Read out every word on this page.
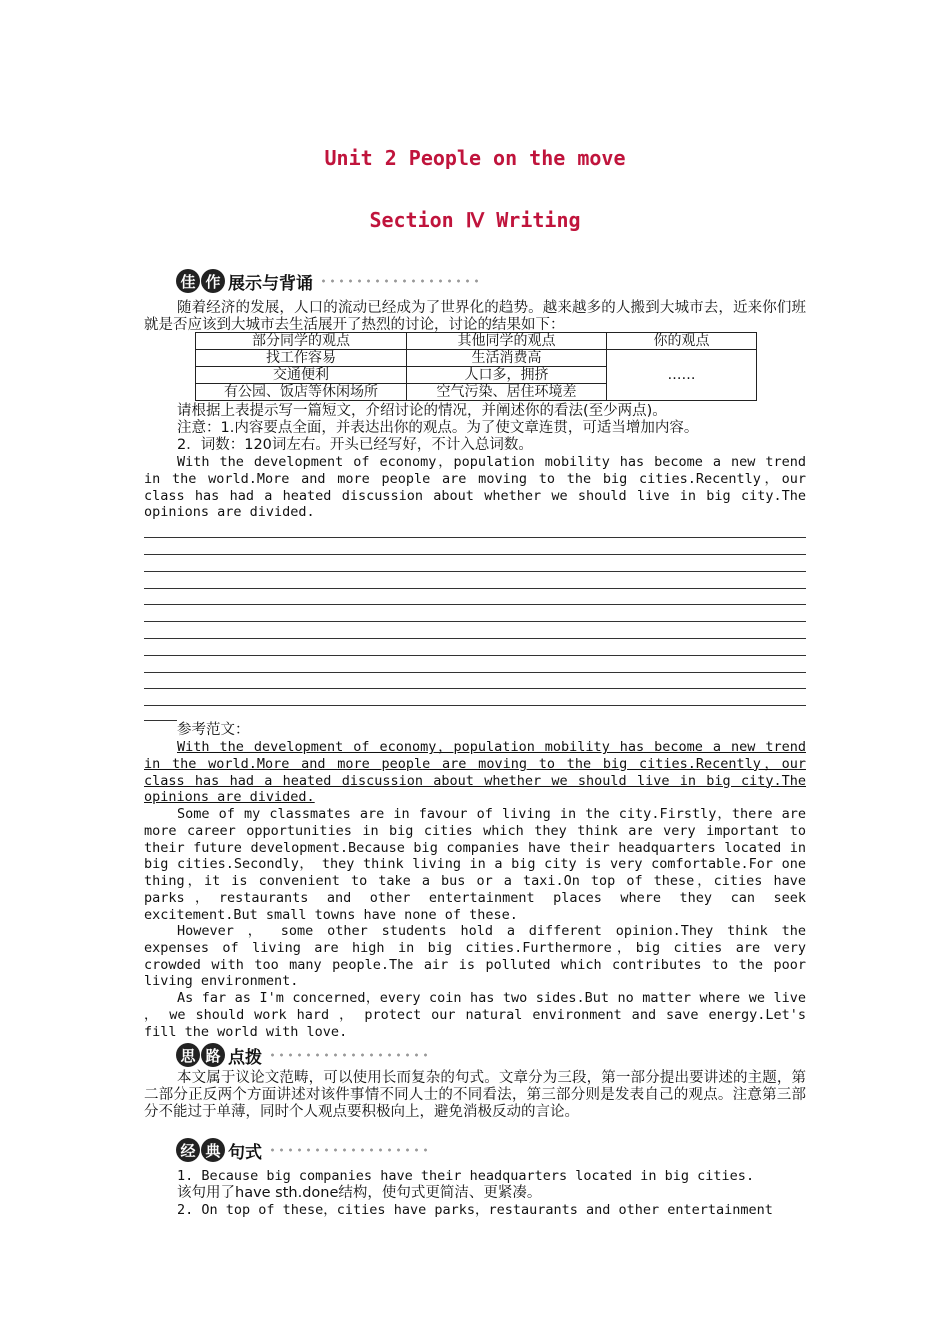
Unit 2 People on the move
Section Ⅳ Writing
佳 作 展示与背诵
随着经济的发展，人口的流动已经成为了世界化的趋势。越来越多的人搬到大城市去，近来你们班就是否应该到大城市去生活展开了热烈的讨论，讨论的结果如下：
部分同学的观点	其他同学的观点	你的观点
找工作容易	生活消费高	……
交通便利	人口多，拥挤	
有公园、饭店等休闲场所	空气污染、居住环境差	
请根据上表提示写一篇短文，介绍讨论的情况，并阐述你的看法(至少两点)。
注意：1.内容要点全面，并表达出你的观点。为了使文章连贯，可适当增加内容。
2．词数：120词左右。开头已经写好，不计入总词数。
With the development of economy，population mobility has become a new trend in the world.More and more people are moving to the big cities.Recently，our class has had a heated discussion about whether we should live in big city.The opinions are divided.
参考范文：
With the development of economy，population mobility has become a new trend in the world.More and more people are moving to the big cities.Recently，our class has had a heated discussion about whether we should live in big city.The opinions are divided.
Some of my classmates are in favour of living in the city.Firstly，there are more career opportunities in big cities which they think are very important to their future development.Because big companies have their headquarters located in big cities.Secondly， they think living in a big city is very comfortable.For one thing，it is convenient to take a bus or a taxi.On top of these，cities have parks，restaurants and other entertainment places where they can seek excitement.But small towns have none of these.
However ， some other students hold a different opinion.They think the expenses of living are high in big cities.Furthermore，big cities are very crowded with too many people.The air is polluted which contributes to the poor living environment.
As far as I'm concerned，every coin has two sides.But no matter where we live ， we should work hard ， protect our natural environment and save energy.Let's fill the world with love.
思 路 点拨
本文属于议论文范畴，可以使用长而复杂的句式。文章分为三段，第一部分提出要讲述的主题，第二部分正反两个方面讲述对该件事情不同人士的不同看法，第三部分则是发表自己的观点。注意第三部分不能过于单薄，同时个人观点要积极向上，避免消极反动的言论。
经 典 句式
1. Because big companies have their headquarters located in big cities.
该句用了have sth.done结构，使句式更简洁、更紧凑。
2. On top of these，cities have parks，restaurants and other entertainment
